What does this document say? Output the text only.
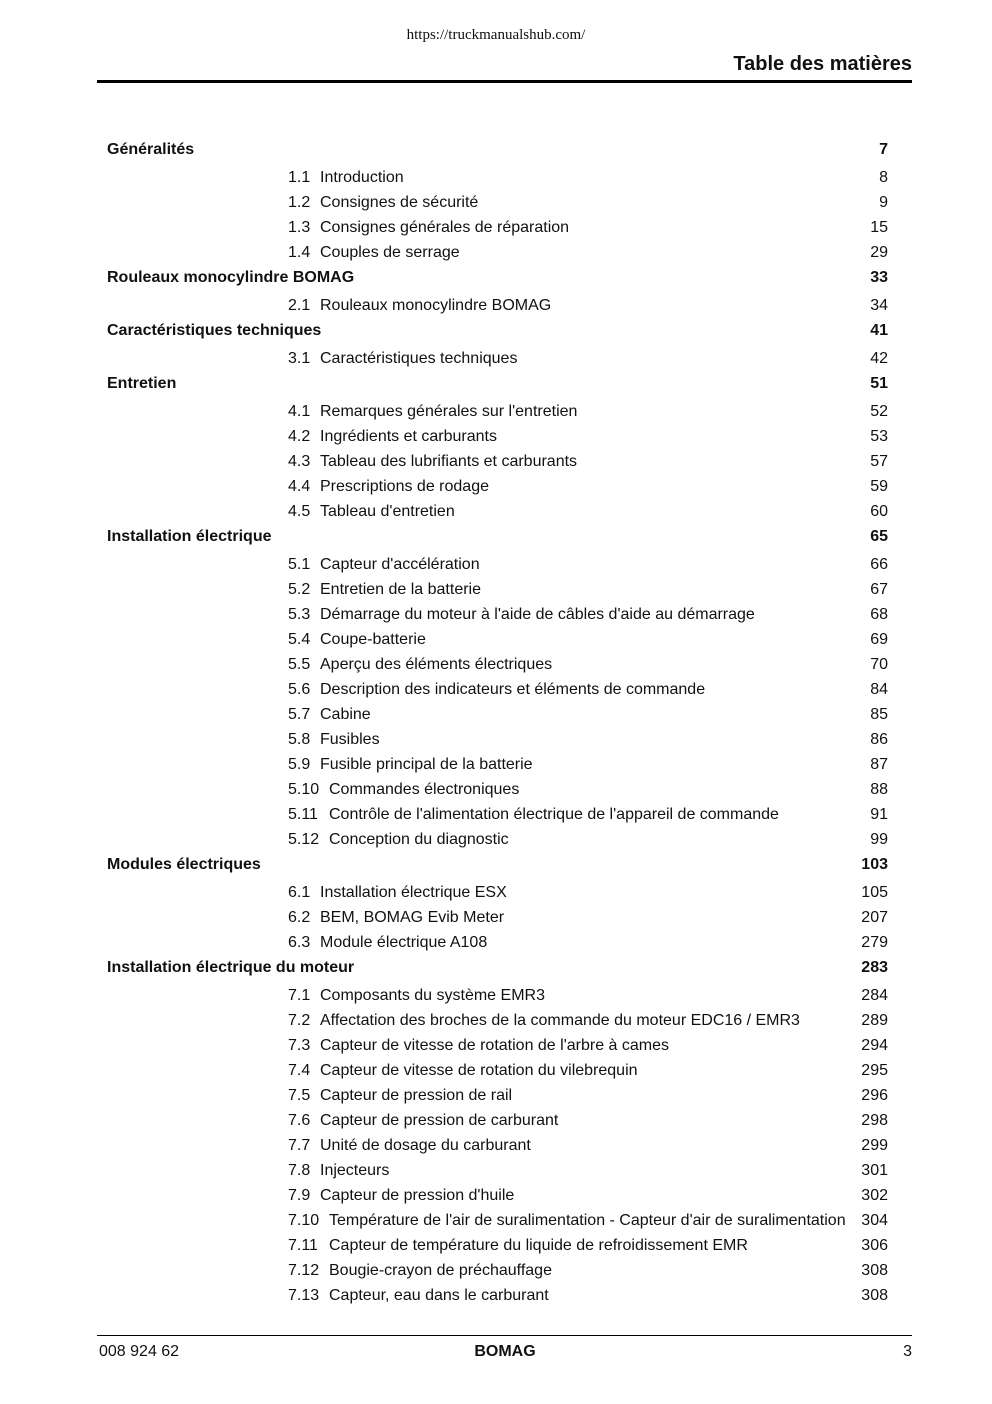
https://truckmanualshub.com/
Table des matières
Généralités	7
1.1 Introduction	8
1.2 Consignes de sécurité	9
1.3 Consignes générales de réparation	15
1.4 Couples de serrage	29
Rouleaux monocylindre BOMAG	33
2.1 Rouleaux monocylindre BOMAG	34
Caractéristiques techniques	41
3.1 Caractéristiques techniques	42
Entretien	51
4.1 Remarques générales sur l'entretien	52
4.2 Ingrédients et carburants	53
4.3 Tableau des lubrifiants et carburants	57
4.4 Prescriptions de rodage	59
4.5 Tableau d'entretien	60
Installation électrique	65
5.1 Capteur d'accélération	66
5.2 Entretien de la batterie	67
5.3 Démarrage du moteur à l'aide de câbles d'aide au démarrage	68
5.4 Coupe-batterie	69
5.5 Aperçu des éléments électriques	70
5.6 Description des indicateurs et éléments de commande	84
5.7 Cabine	85
5.8 Fusibles	86
5.9 Fusible principal de la batterie	87
5.10 Commandes électroniques	88
5.11 Contrôle de l'alimentation électrique de l'appareil de commande	91
5.12 Conception du diagnostic	99
Modules électriques	103
6.1 Installation électrique ESX	105
6.2 BEM, BOMAG Evib Meter	207
6.3 Module électrique A108	279
Installation électrique du moteur	283
7.1 Composants du système EMR3	284
7.2 Affectation des broches de la commande du moteur EDC16 / EMR3	289
7.3 Capteur de vitesse de rotation de l'arbre à cames	294
7.4 Capteur de vitesse de rotation du vilebrequin	295
7.5 Capteur de pression de rail	296
7.6 Capteur de pression de carburant	298
7.7 Unité de dosage du carburant	299
7.8 Injecteurs	301
7.9 Capteur de pression d'huile	302
7.10 Température de l'air de suralimentation - Capteur d'air de suralimentation 304
7.11 Capteur de température du liquide de refroidissement EMR	306
7.12 Bougie-crayon de préchauffage	308
7.13 Capteur, eau dans le carburant	308
008 924 62	BOMAG	3
